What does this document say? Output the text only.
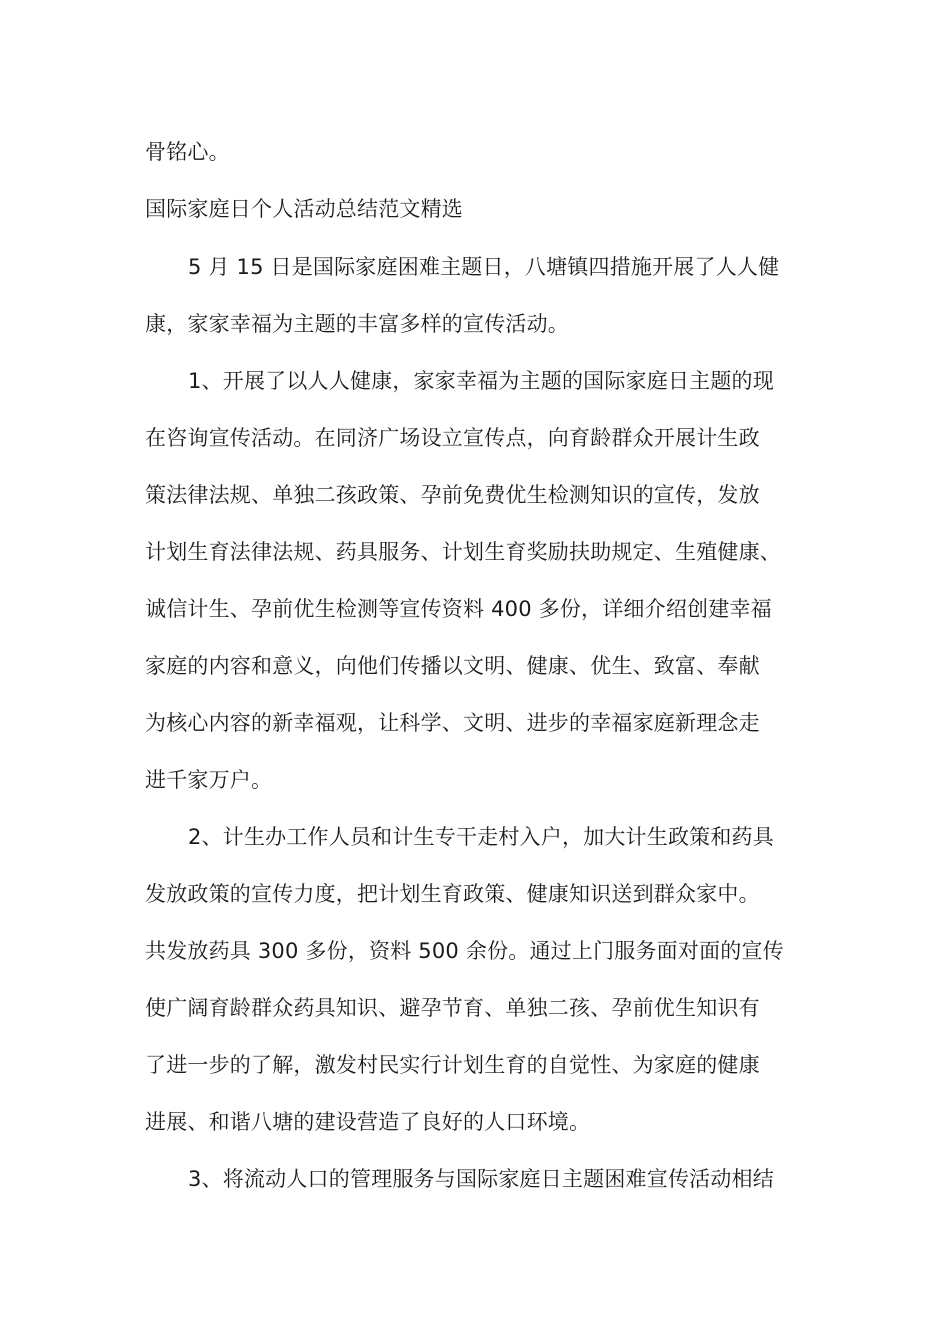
骨铭心。
国际家庭日个人活动总结范文精选
5 月 15 日是国际家庭困难主题日，八塘镇四措施开展了人人健
康，家家幸福为主题的丰富多样的宣传活动。
1、开展了以人人健康，家家幸福为主题的国际家庭日主题的现
在咨询宣传活动。在同济广场设立宣传点，向育龄群众开展计生政
策法律法规、单独二孩政策、孕前免费优生检测知识的宣传，发放
计划生育法律法规、药具服务、计划生育奖励扶助规定、生殖健康、
诚信计生、孕前优生检测等宣传资料 400 多份，详细介绍创建幸福
家庭的内容和意义，向他们传播以文明、健康、优生、致富、奉献
为核心内容的新幸福观，让科学、文明、进步的幸福家庭新理念走
进千家万户。
2、计生办工作人员和计生专干走村入户，加大计生政策和药具
发放政策的宣传力度，把计划生育政策、健康知识送到群众家中。
共发放药具 300 多份，资料 500 余份。通过上门服务面对面的宣传
使广阔育龄群众药具知识、避孕节育、单独二孩、孕前优生知识有
了进一步的了解，激发村民实行计划生育的自觉性、为家庭的健康
进展、和谐八塘的建设营造了良好的人口环境。
3、将流动人口的管理服务与国际家庭日主题困难宣传活动相结
